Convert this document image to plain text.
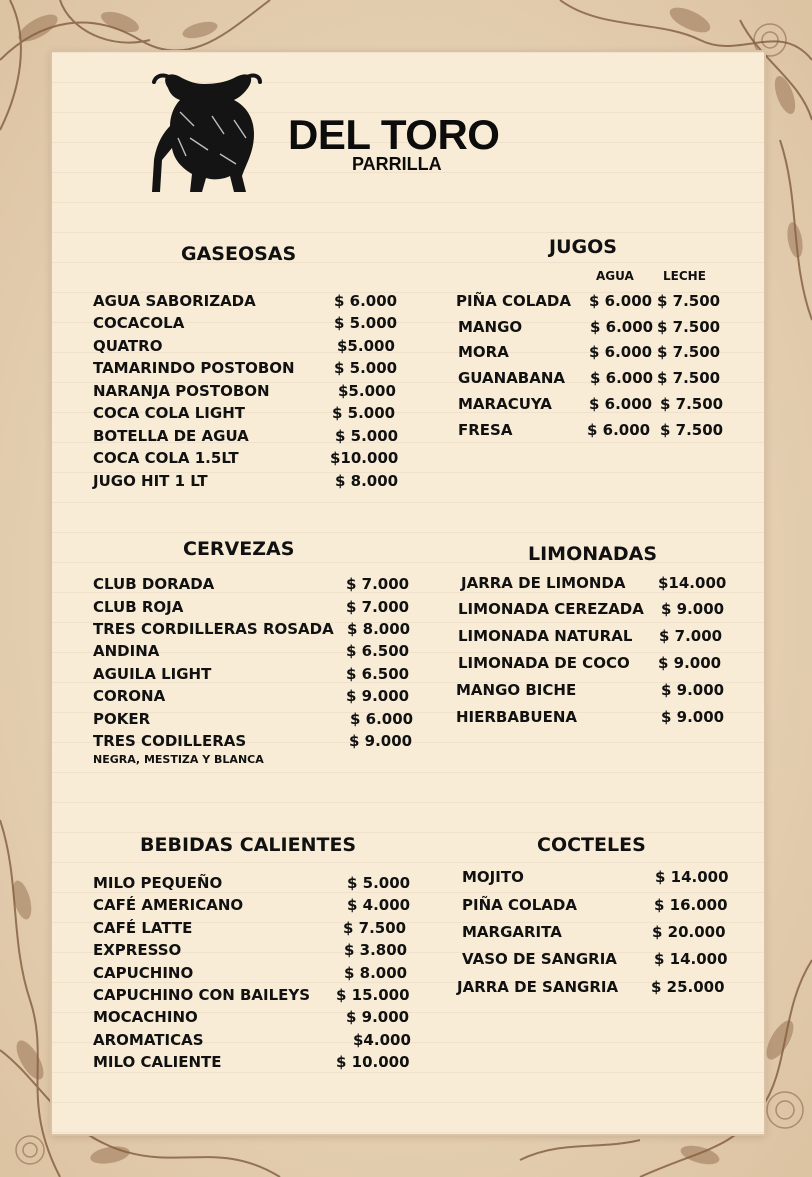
DEL TORO
PARRILLA
GASEOSAS
AGUA SABORIZADA	$ 6.000
COCACOLA	$ 5.000
QUATRO	$5.000
TAMARINDO POSTOBON	$ 5.000
NARANJA POSTOBON	$5.000
COCA COLA LIGHT	$ 5.000
BOTELLA DE AGUA	$ 5.000
COCA COLA 1.5LT	$10.000
JUGO HIT 1 LT	$ 8.000
JUGOS
AGUA LECHE
PIÑA COLADA $ 6.000 $ 7.500
MANGO	$ 6.000 $ 7.500
MORA	$ 6.000 $ 7.500
GUANABANA $ 6.000 $ 7.500
MARACUYA $ 6.000 $ 7.500
FRESA	$ 6.000 $ 7.500
CERVEZAS
CLUB DORADA	$ 7.000
CLUB ROJA	$ 7.000
TRES CORDILLERAS ROSADA $ 8.000
ANDINA	$ 6.500
AGUILA LIGHT	$ 6.500
CORONA	$ 9.000
POKER	$ 6.000
TRES CODILLERAS	$ 9.000
NEGRA, MESTIZA Y BLANCA
LIMONADAS
JARRA DE LIMONDA $14.000
LIMONADA CEREZADA $ 9.000
LIMONADA NATURAL $ 7.000
LIMONADA DE COCO $ 9.000
MANGO BICHE	$ 9.000
HIERBABUENA	$ 9.000
BEBIDAS CALIENTES
MILO PEQUEÑO	$ 5.000
CAFÉ AMERICANO	$ 4.000
CAFÉ LATTE	$ 7.500
EXPRESSO	$ 3.800
CAPUCHINO	$ 8.000
CAPUCHINO CON BAILEYS $ 15.000
MOCACHINO	$ 9.000
AROMATICAS	$4.000
MILO CALIENTE	$ 10.000
COCTELES
MOJITO	$ 14.000
PIÑA COLADA	$ 16.000
MARGARITA	$ 20.000
VASO DE SANGRIA $ 14.000
JARRA DE SANGRIA $ 25.000
